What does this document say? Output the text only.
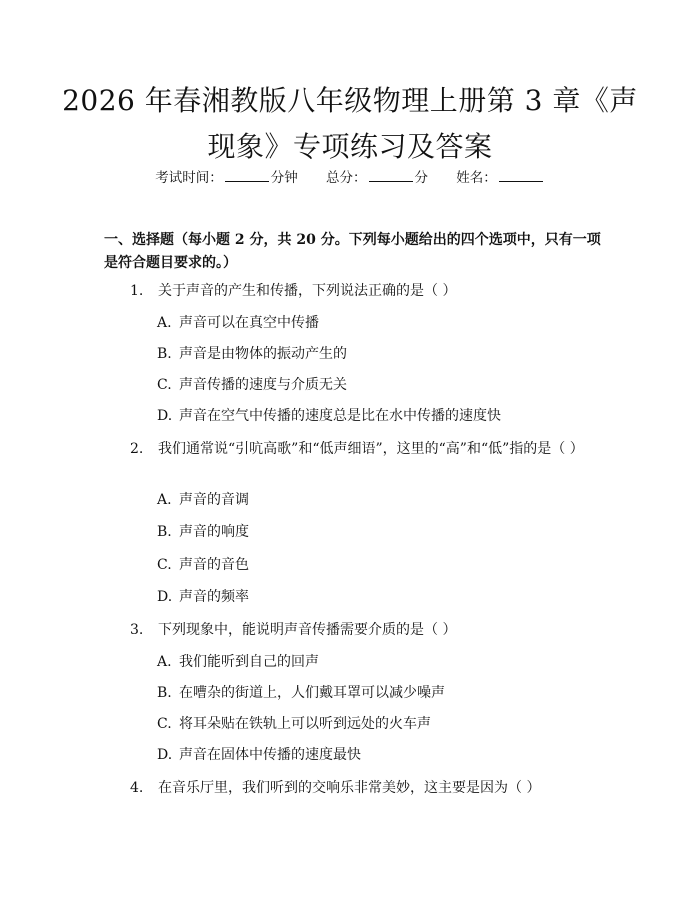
2026 年春湘教版八年级物理上册第 3 章《声
现象》专项练习及答案
考试时间：	分钟 总分：	分 姓名：

一、选择题（每小题 2 分，共 20 分。下列每小题给出的四个选项中，只有一项是符合题目要求的。）

1. 关于声音的产生和传播，下列说法正确的是（ ）
A. 声音可以在真空中传播
B. 声音是由物体的振动产生的
C. 声音传播的速度与介质无关
D. 声音在空气中传播的速度总是比在水中传播的速度快
2. 我们通常说“引吭高歌”和“低声细语”，这里的“高”和“低”指的是（ ）
A. 声音的音调
B. 声音的响度
C. 声音的音色
D. 声音的频率
3. 下列现象中，能说明声音传播需要介质的是（ ）
A. 我们能听到自己的回声
B. 在嘈杂的街道上，人们戴耳罩可以减少噪声
C. 将耳朵贴在铁轨上可以听到远处的火车声
D. 声音在固体中传播的速度最快
4. 在音乐厅里，我们听到的交响乐非常美妙，这主要是因为（ ）
